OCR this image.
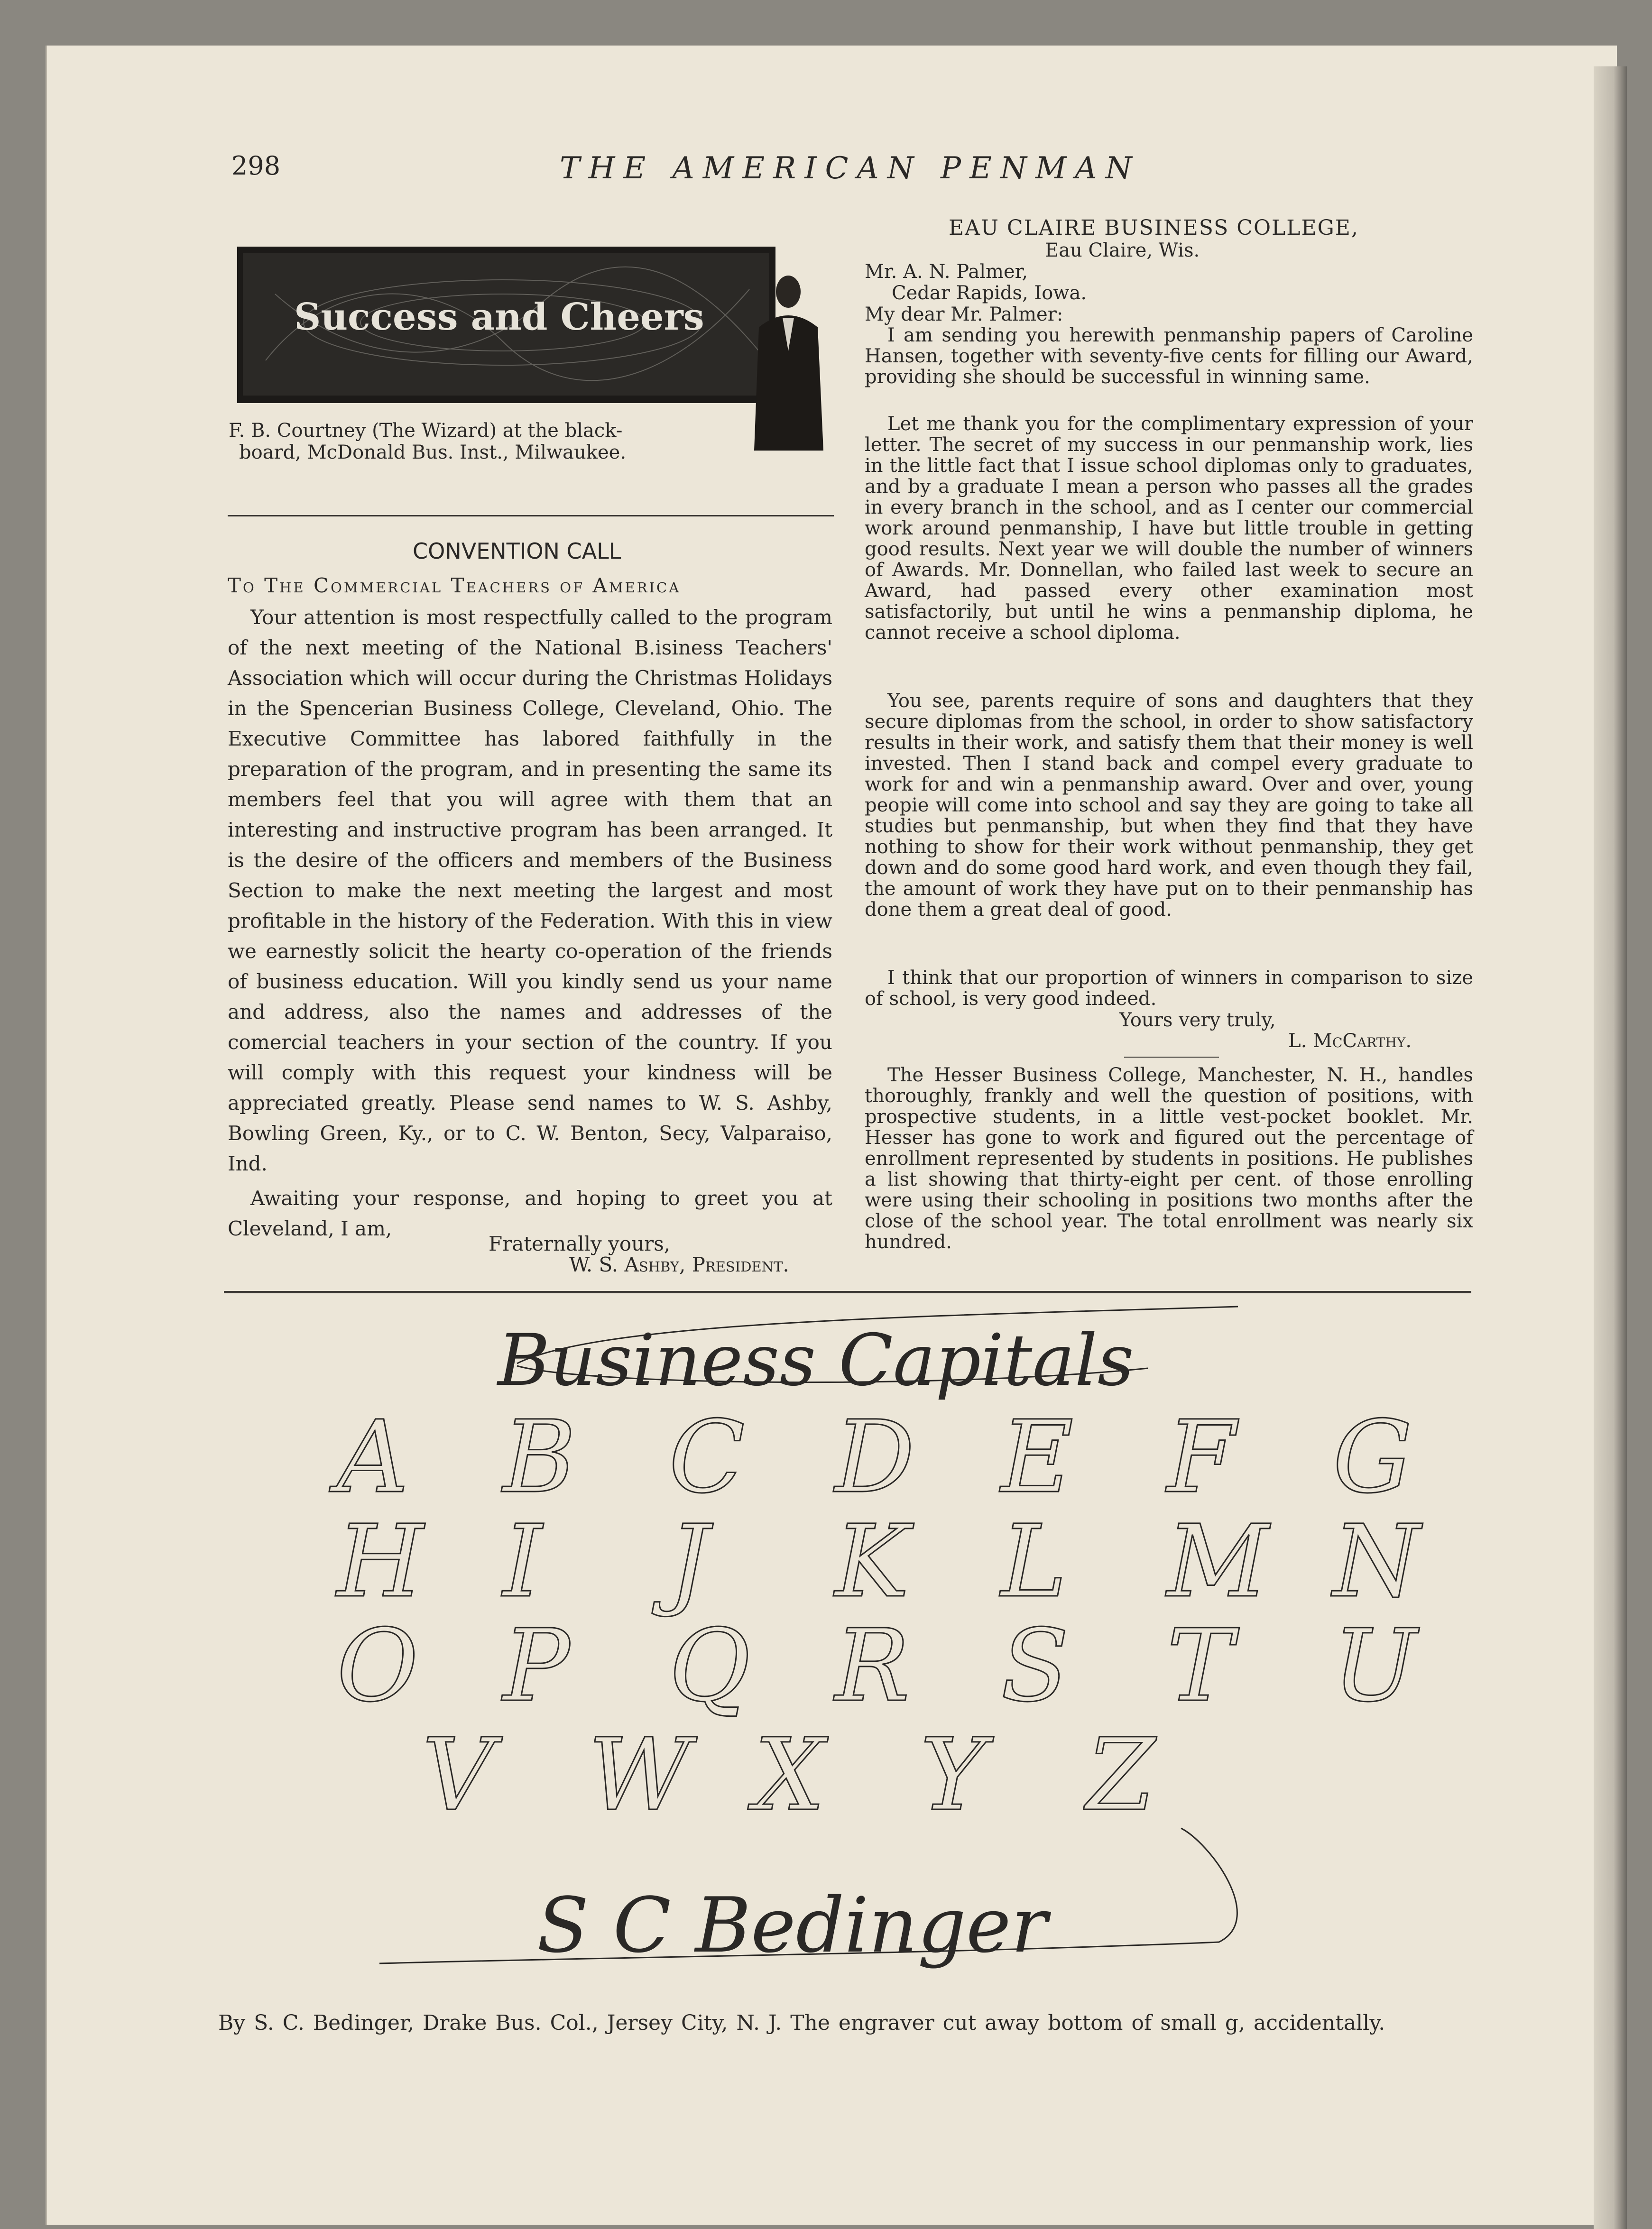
298	THE AMERICAN PENMAN
Success and Cheers
F. B. Courtney (The Wizard) at the black-
board, McDonald Bus. Inst., Milwaukee.
CONVENTION CALL
To The Commercial Teachers of America

Your attention is most respectfully called to the program of the next meeting of the National B.isiness Teachers' Association which will occur during the Christmas Holidays in the Spencerian Business College, Cleveland, Ohio. The Executive Committee has labored faithfully in the preparation of the program, and in presenting the same its members feel that you will agree with them that an interesting and instructive program has been arranged. It is the desire of the officers and members of the Business Section to make the next meeting the largest and most profitable in the history of the Federation. With this in view we earnestly solicit the hearty co-operation of the friends of business education. Will you kindly send us your name and address, also the names and addresses of the comercial teachers in your section of the country. If you will comply with this request your kindness will be appreciated greatly. Please send names to W. S. Ashby, Bowling Green, Ky., or to C. W. Benton, Secy, Valparaiso, Ind.

Awaiting your response, and hoping to greet you at Cleveland, I am,

Fraternally yours,
W. S. Ashby, President.
EAU CLAIRE BUSINESS COLLEGE,
Eau Claire, Wis.
Mr. A. N. Palmer,
Cedar Rapids, Iowa.
My dear Mr. Palmer:

I am sending you herewith penmanship papers of Caroline Hansen, together with seventy-five cents for filling our Award, providing she should be successful in winning same.

Let me thank you for the complimentary expression of your letter. The secret of my success in our penmanship work, lies in the little fact that I issue school diplomas only to graduates, and by a graduate I mean a person who passes all the grades in every branch in the school, and as I center our commercial work around penmanship, I have but little trouble in getting good results. Next year we will double the number of winners of Awards. Mr. Donnellan, who failed last week to secure an Award, had passed every other examination most satisfactorily, but until he wins a penmanship diploma, he cannot receive a school diploma.

You see, parents require of sons and daughters that they secure diplomas from the school, in order to show satisfactory results in their work, and satisfy them that their money is well invested. Then I stand back and compel every graduate to work for and win a penmanship award. Over and over, young peopie will come into school and say they are going to take all studies but penmanship, but when they find that they have nothing to show for their work without penmanship, they get down and do some good hard work, and even though they fail, the amount of work they have put on to their penmanship has done them a great deal of good.

I think that our proportion of winners in comparison to size of school, is very good indeed.

Yours very truly,
L. McCarthy.

The Hesser Business College, Manchester, N. H., handles thoroughly, frankly and well the question of positions, with prospective students, in a little vest-pocket booklet. Mr. Hesser has gone to work and figured out the percentage of enrollment represented by students in positions. He publishes a list showing that thirty-eight per cent. of those enrolling were using their schooling in positions two months after the close of the school year. The total enrollment was nearly six hundred.

Business Capitals
A B C D E F G
H I J K L M N
O P Q R S T U
V W X Y Z
S C Bedinger
By S. C. Bedinger, Drake Bus. Col., Jersey City, N. J. The engraver cut away bottom of small g, accidentally.
